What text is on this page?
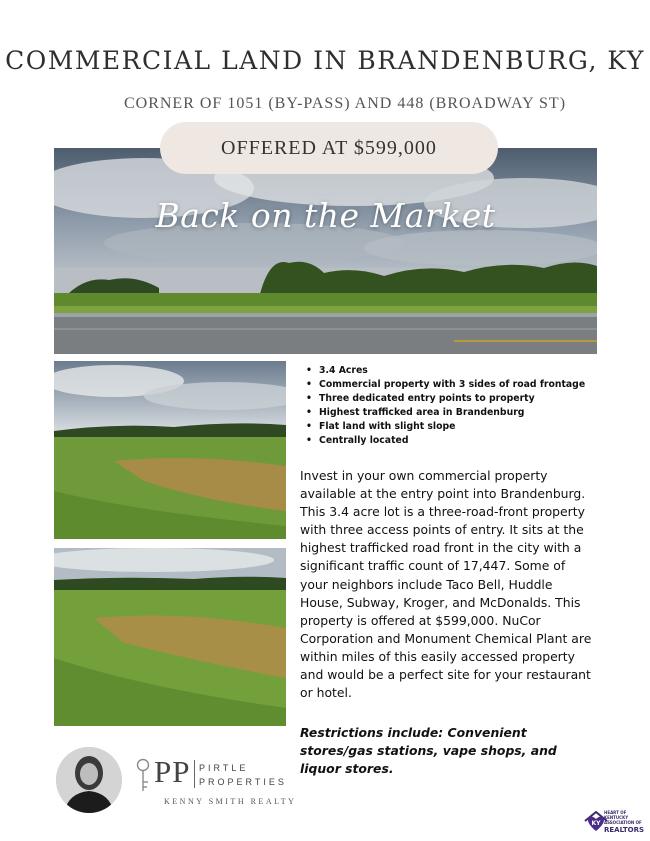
COMMERCIAL LAND IN BRANDENBURG, KY
CORNER OF 1051 (BY-PASS) AND 448 (BROADWAY ST)
OFFERED AT $599,000
Back on the Market
• 3.4 Acres
• Commercial property with 3 sides of road frontage
• Three dedicated entry points to property
• Highest trafficked area in Brandenburg
• Flat land with slight slope
• Centrally located

Invest in your own commercial property available at the entry point into Brandenburg. This 3.4 acre lot is a three-road-front property with three access points of entry. It sits at the highest trafficked road front in the city with a significant traffic count of 17,447. Some of your neighbors include Taco Bell, Huddle House, Subway, Kroger, and McDonalds. This property is offered at $599,000. NuCor Corporation and Monument Chemical Plant are within miles of this easily accessed property and would be a perfect site for your restaurant or hotel.

Restrictions include: Convenient stores/gas stations, vape shops, and liquor stores.

PP PIRTLE
PROPERTIES
KENNY SMITH REALTY
KY
HEART OF KENTUCKY ASSOCIATION OF
REALTORS
